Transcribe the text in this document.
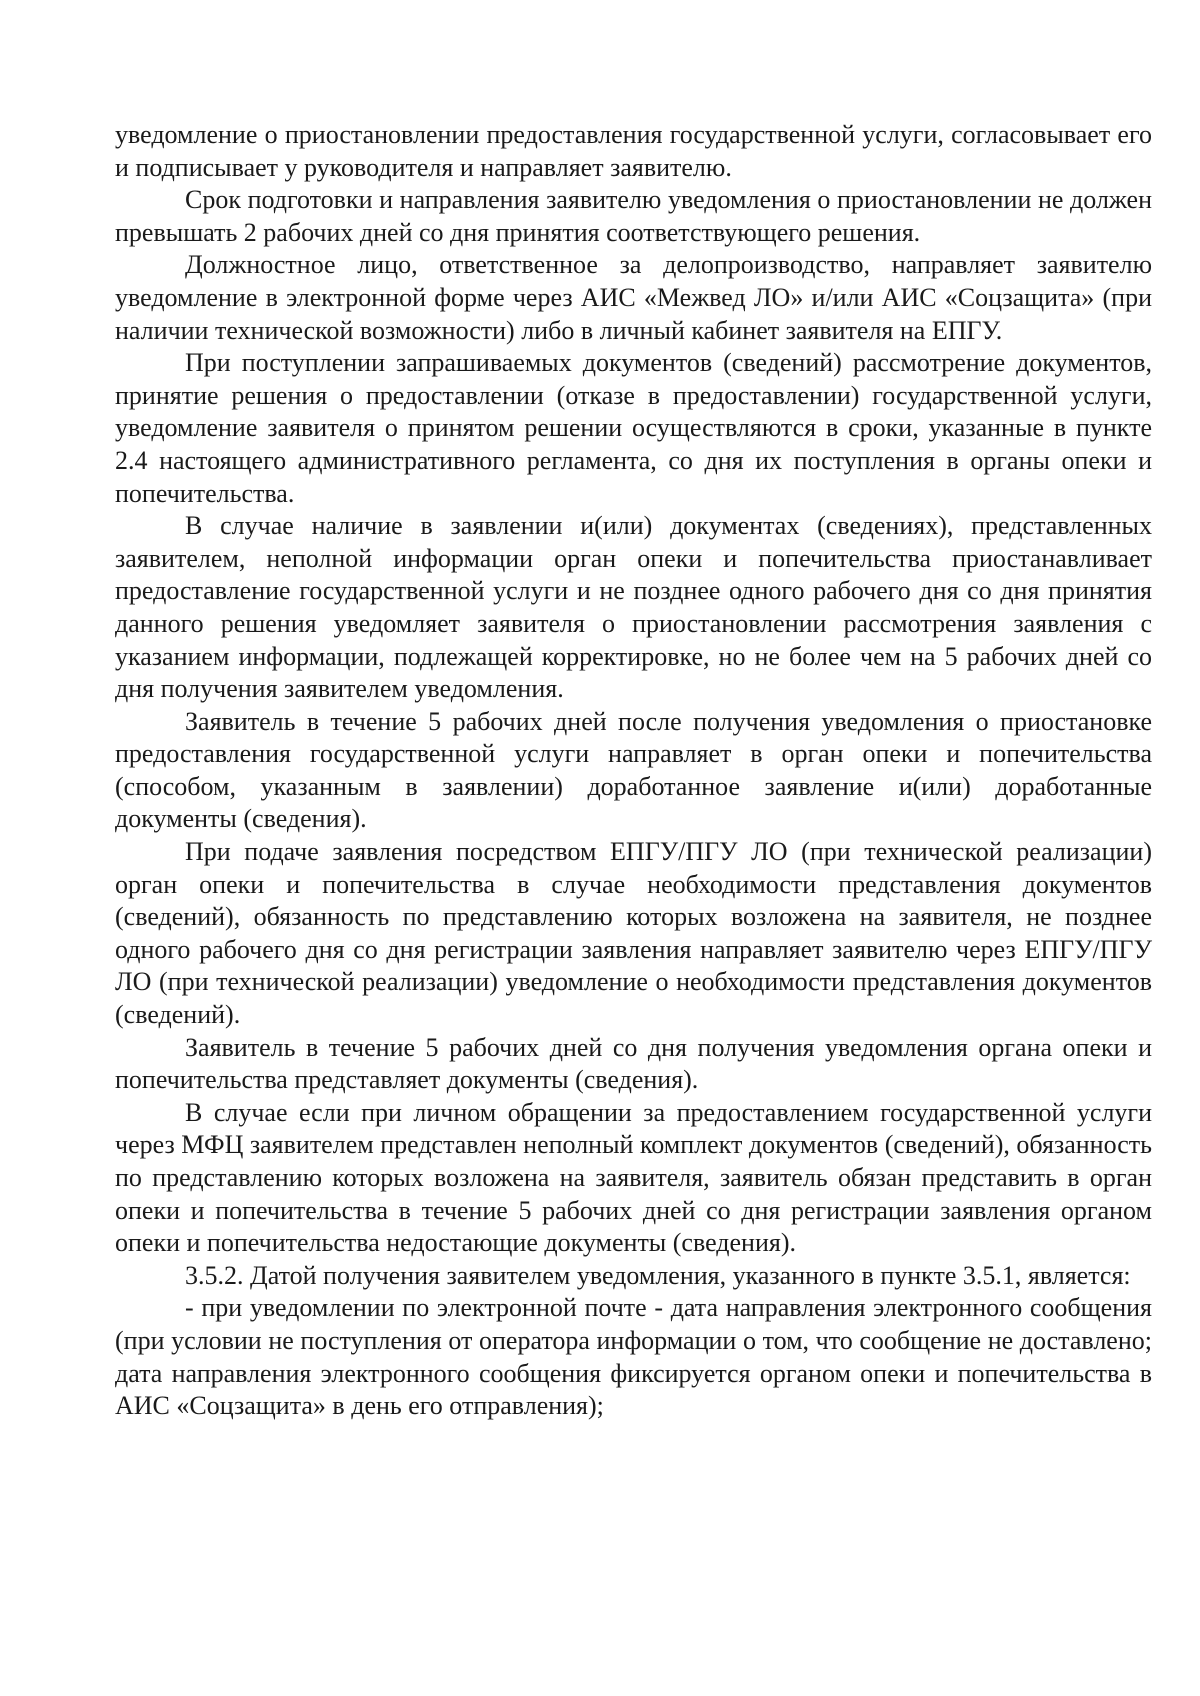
уведомление о приостановлении предоставления государственной услуги, согласовывает его и подписывает у руководителя и направляет заявителю.

Срок подготовки и направления заявителю уведомления о приостановлении не должен превышать 2 рабочих дней со дня принятия соответствующего решения.

Должностное лицо, ответственное за делопроизводство, направляет заявителю уведомление в электронной форме через АИС «Межвед ЛО» и/или АИС «Соцзащита» (при наличии технической возможности) либо в личный кабинет заявителя на ЕПГУ.

При поступлении запрашиваемых документов (сведений) рассмотрение документов, принятие решения о предоставлении (отказе в предоставлении) государственной услуги, уведомление заявителя о принятом решении осуществляются в сроки, указанные в пункте 2.4 настоящего административного регламента, со дня их поступления в органы опеки и попечительства.

В случае наличие в заявлении и(или) документах (сведениях), представленных заявителем, неполной информации орган опеки и попечительства приостанавливает предоставление государственной услуги и не позднее одного рабочего дня со дня принятия данного решения уведомляет заявителя о приостановлении рассмотрения заявления с указанием информации, подлежащей корректировке, но не более чем на 5 рабочих дней со дня получения заявителем уведомления.

Заявитель в течение 5 рабочих дней после получения уведомления о приостановке предоставления государственной услуги направляет в орган опеки и попечительства (способом, указанным в заявлении) доработанное заявление и(или) доработанные документы (сведения).

При подаче заявления посредством ЕПГУ/ПГУ ЛО (при технической реализации) орган опеки и попечительства в случае необходимости представления документов (сведений), обязанность по представлению которых возложена на заявителя, не позднее одного рабочего дня со дня регистрации заявления направляет заявителю через ЕПГУ/ПГУ ЛО (при технической реализации) уведомление о необходимости представления документов (сведений).

Заявитель в течение 5 рабочих дней со дня получения уведомления органа опеки и попечительства представляет документы (сведения).

В случае если при личном обращении за предоставлением государственной услуги через МФЦ заявителем представлен неполный комплект документов (сведений), обязанность по представлению которых возложена на заявителя, заявитель обязан представить в орган опеки и попечительства в течение 5 рабочих дней со дня регистрации заявления органом опеки и попечительства недостающие документы (сведения).

3.5.2. Датой получения заявителем уведомления, указанного в пункте 3.5.1, является:

- при уведомлении по электронной почте - дата направления электронного сообщения (при условии не поступления от оператора информации о том, что сообщение не доставлено; дата направления электронного сообщения фиксируется органом опеки и попечительства в АИС «Соцзащита» в день его отправления);
